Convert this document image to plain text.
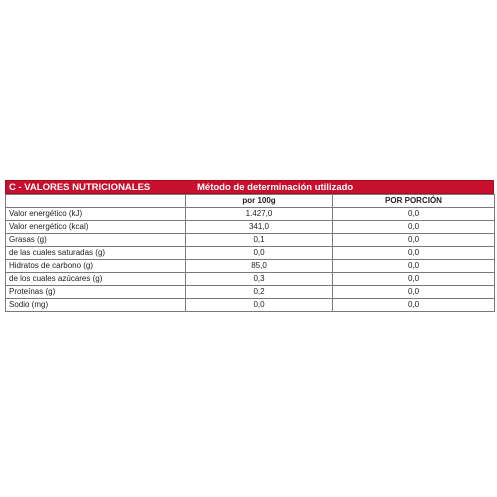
C - VALORES NUTRICIONALES	Método de determinación utilizado
	por 100g	POR PORCIÓN
Valor energético (kJ)	1.427,0	0,0
Valor energético (kcal)	341,0	0,0
Grasas (g)	0,1	0,0
de las cuales saturadas (g)	0,0	0,0
Hidratos de carbono (g)	85,0	0,0
de los cuales azúcares (g)	0,3	0,0
Proteínas (g)	0,2	0,0
Sodio (mg)	0,0	0,0
